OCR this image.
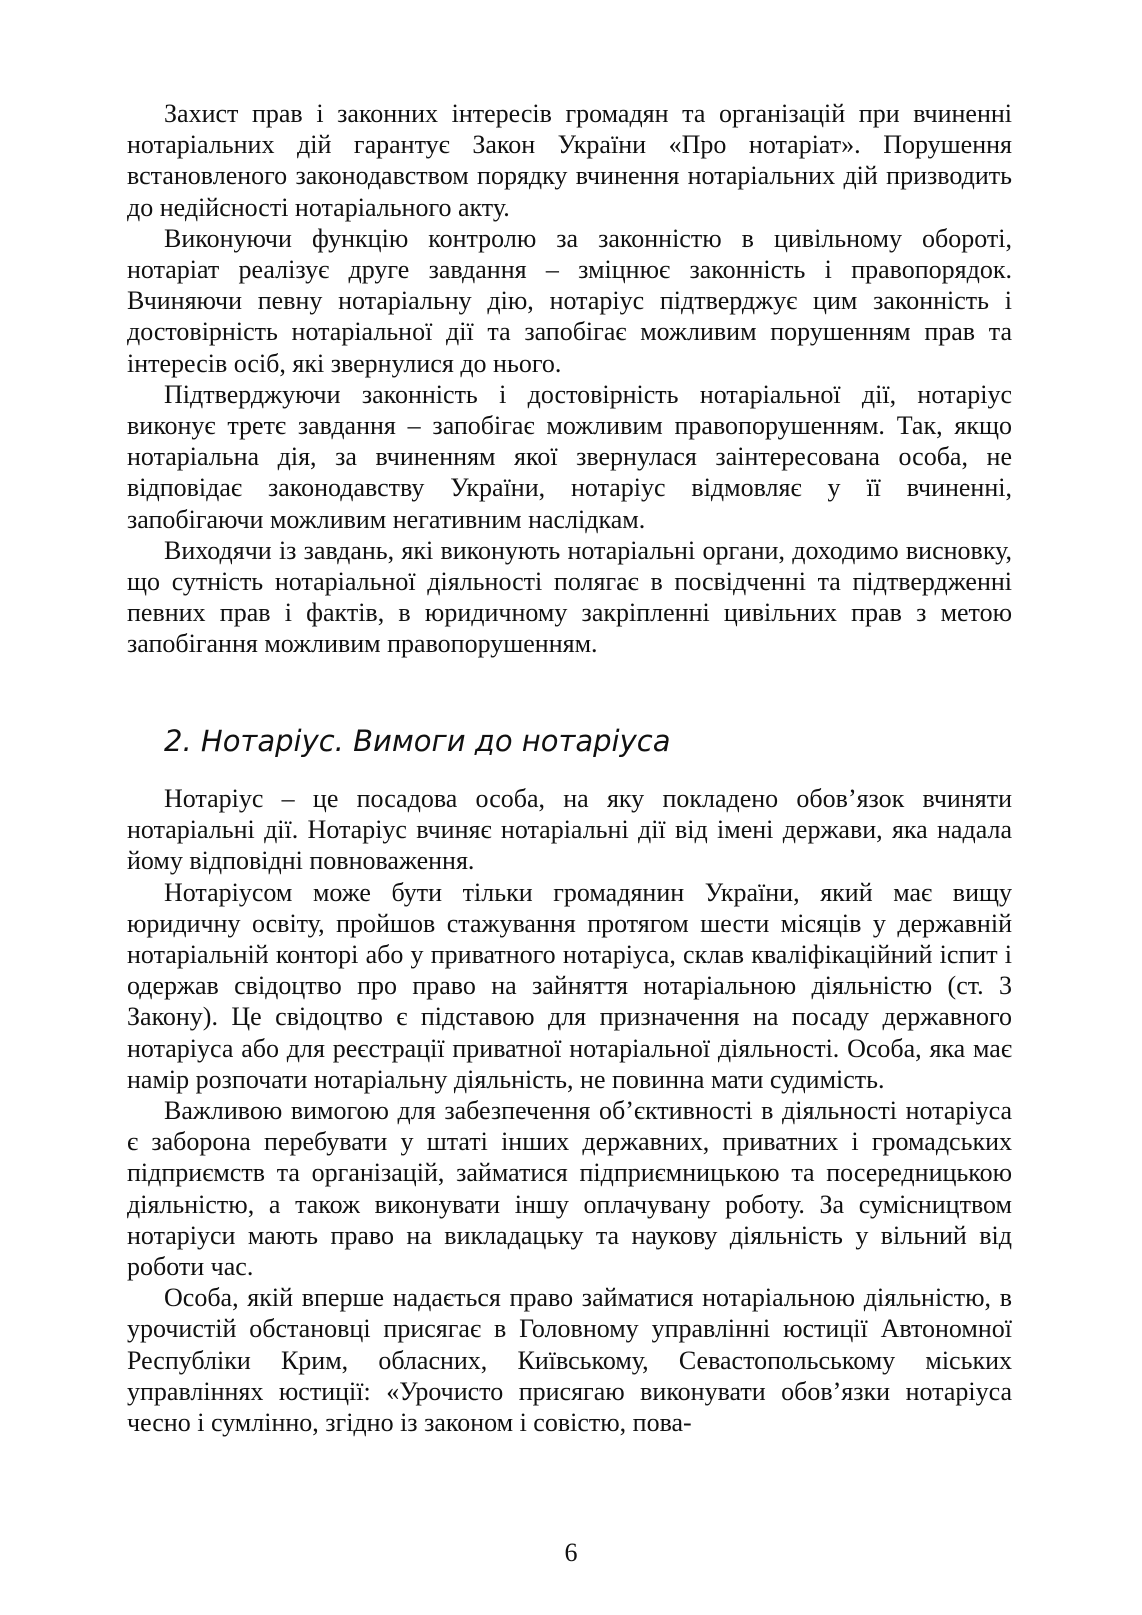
Захист прав і законних інтересів громадян та організацій при вчиненні нотаріальних дій гарантує Закон України «Про нотаріат». Порушення встановленого законодавством порядку вчинення нотаріальних дій призводить до недійсності нотаріального акту.

Виконуючи функцію контролю за законністю в цивільному обороті, нотаріат реалізує друге завдання – зміцнює законність і правопорядок. Вчиняючи певну нотаріальну дію, нотаріус підтверджує цим законність і достовірність нотаріальної дії та запобігає можливим порушенням прав та інтересів осіб, які звернулися до нього.

Підтверджуючи законність і достовірність нотаріальної дії, нотаріус виконує третє завдання – запобігає можливим правопорушенням. Так, якщо нотаріальна дія, за вчиненням якої звернулася заінтересована особа, не відповідає законодавству України, нотаріус відмовляє у її вчиненні, запобігаючи можливим негативним наслідкам.

Виходячи із завдань, які виконують нотаріальні органи, доходимо висновку, що сутність нотаріальної діяльності полягає в посвідченні та підтвердженні певних прав і фактів, в юридичному закріпленні цивільних прав з метою запобігання можливим правопорушенням.

2. Нотаріус. Вимоги до нотаріуса

Нотаріус – це посадова особа, на яку покладено обов’язок вчиняти нотаріальні дії. Нотаріус вчиняє нотаріальні дії від імені держави, яка надала йому відповідні повноваження.

Нотаріусом може бути тільки громадянин України, який має вищу юридичну освіту, пройшов стажування протягом шести місяців у державній нотаріальній конторі або у приватного нотаріуса, склав кваліфікаційний іспит і одержав свідоцтво про право на зайняття нотаріальною діяльністю (ст. 3 Закону). Це свідоцтво є підставою для призначення на посаду державного нотаріуса або для реєстрації приватної нотаріальної діяльності. Особа, яка має намір розпочати нотаріальну діяльність, не повинна мати судимість.

Важливою вимогою для забезпечення об’єктивності в діяльності нотаріуса є заборона перебувати у штаті інших державних, приватних і громадських підприємств та організацій, займатися підприємницькою та посередницькою діяльністю, а також виконувати іншу оплачувану роботу. За сумісництвом нотаріуси мають право на викладацьку та наукову діяльність у вільний від роботи час.

Особа, якій вперше надається право займатися нотаріальною діяльністю, в урочистій обстановці присягає в Головному управлінні юстиції Автономної Республіки Крим, обласних, Київському, Севастопольському міських управліннях юстиції: «Урочисто присягаю виконувати обов’язки нотаріуса чесно і сумлінно, згідно із законом і совістю, пова-

6
